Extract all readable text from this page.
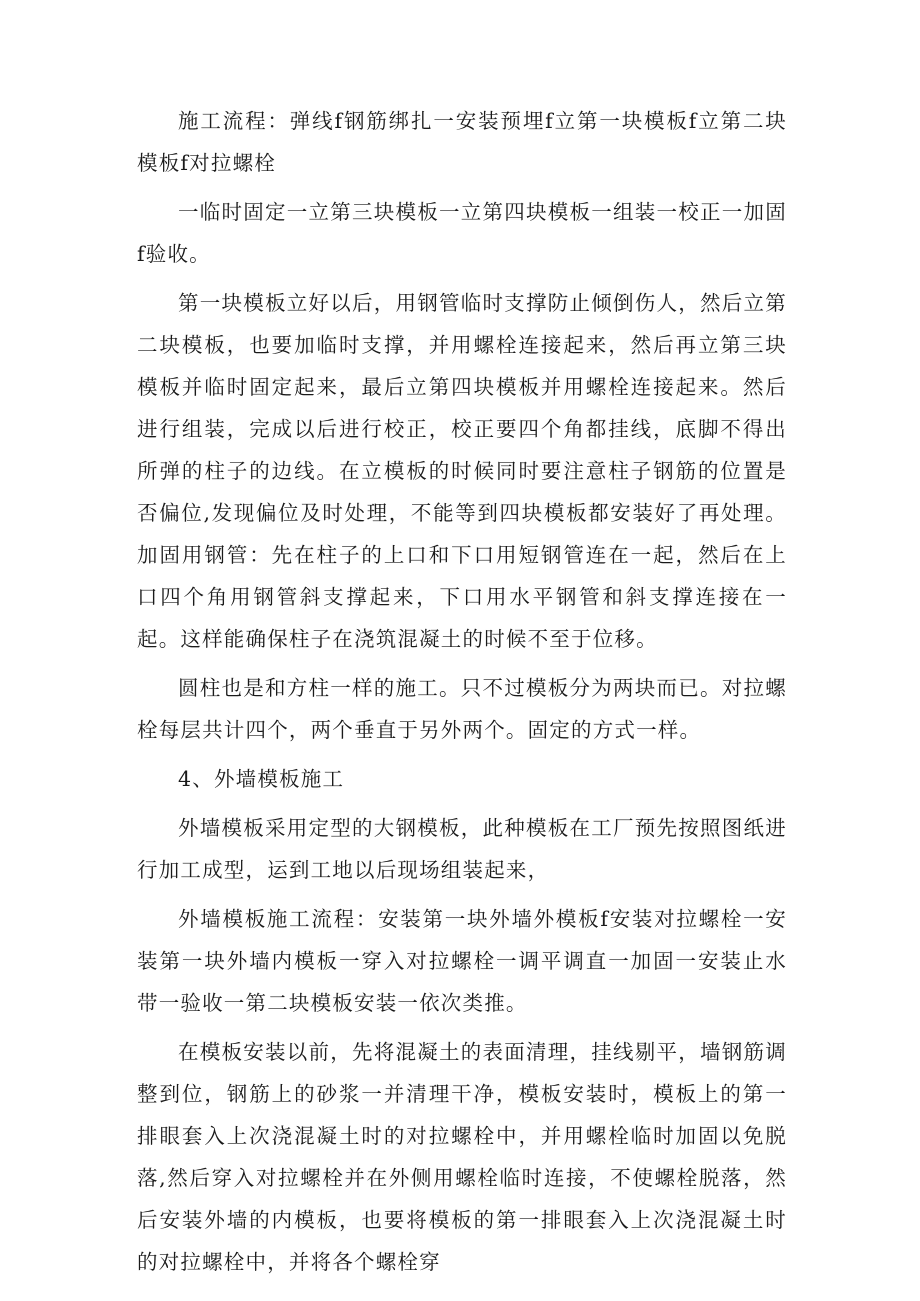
施工流程：弹线f钢筋绑扎一安装预埋f立第一块模板f立第二块模板f对拉螺栓

一临时固定一立第三块模板一立第四块模板一组装一校正一加固f验收。

第一块模板立好以后，用钢管临时支撑防止倾倒伤人，然后立第二块模板，也要加临时支撑，并用螺栓连接起来，然后再立第三块模板并临时固定起来，最后立第四块模板并用螺栓连接起来。然后进行组装，完成以后进行校正，校正要四个角都挂线，底脚不得出所弹的柱子的边线。在立模板的时候同时要注意柱子钢筋的位置是否偏位,发现偏位及时处理，不能等到四块模板都安装好了再处理。加固用钢管：先在柱子的上口和下口用短钢管连在一起，然后在上口四个角用钢管斜支撑起来，下口用水平钢管和斜支撑连接在一起。这样能确保柱子在浇筑混凝土的时候不至于位移。

圆柱也是和方柱一样的施工。只不过模板分为两块而已。对拉螺栓每层共计四个，两个垂直于另外两个。固定的方式一样。

4、外墙模板施工

外墙模板采用定型的大钢模板，此种模板在工厂预先按照图纸进行加工成型，运到工地以后现场组装起来，

外墙模板施工流程：安装第一块外墙外模板f安装对拉螺栓一安装第一块外墙内模板一穿入对拉螺栓一调平调直一加固一安装止水带一验收一第二块模板安装一依次类推。

在模板安装以前，先将混凝土的表面清理，挂线剔平，墙钢筋调整到位，钢筋上的砂浆一并清理干净，模板安装时，模板上的第一排眼套入上次浇混凝土时的对拉螺栓中，并用螺栓临时加固以免脱落,然后穿入对拉螺栓并在外侧用螺栓临时连接，不使螺栓脱落，然后安装外墙的内模板，也要将模板的第一排眼套入上次浇混凝土时的对拉螺栓中，并将各个螺栓穿
